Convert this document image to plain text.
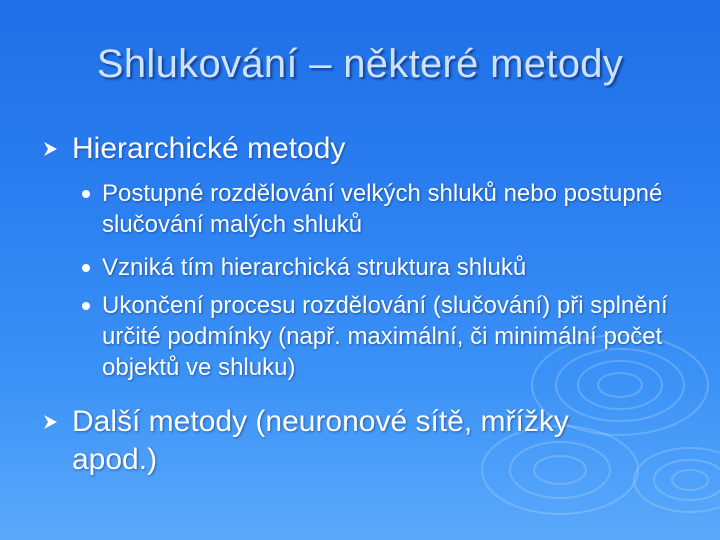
Shlukování – některé metody
Hierarchické metody
Postupné rozdělování velkých shluků nebo postupné slučování malých shluků
Vzniká tím hierarchická struktura shluků
Ukončení procesu rozdělování (slučování) při splnění určité podmínky (např. maximální, či minimální počet objektů ve shluku)
Další metody (neuronové sítě, mřížky apod.)
